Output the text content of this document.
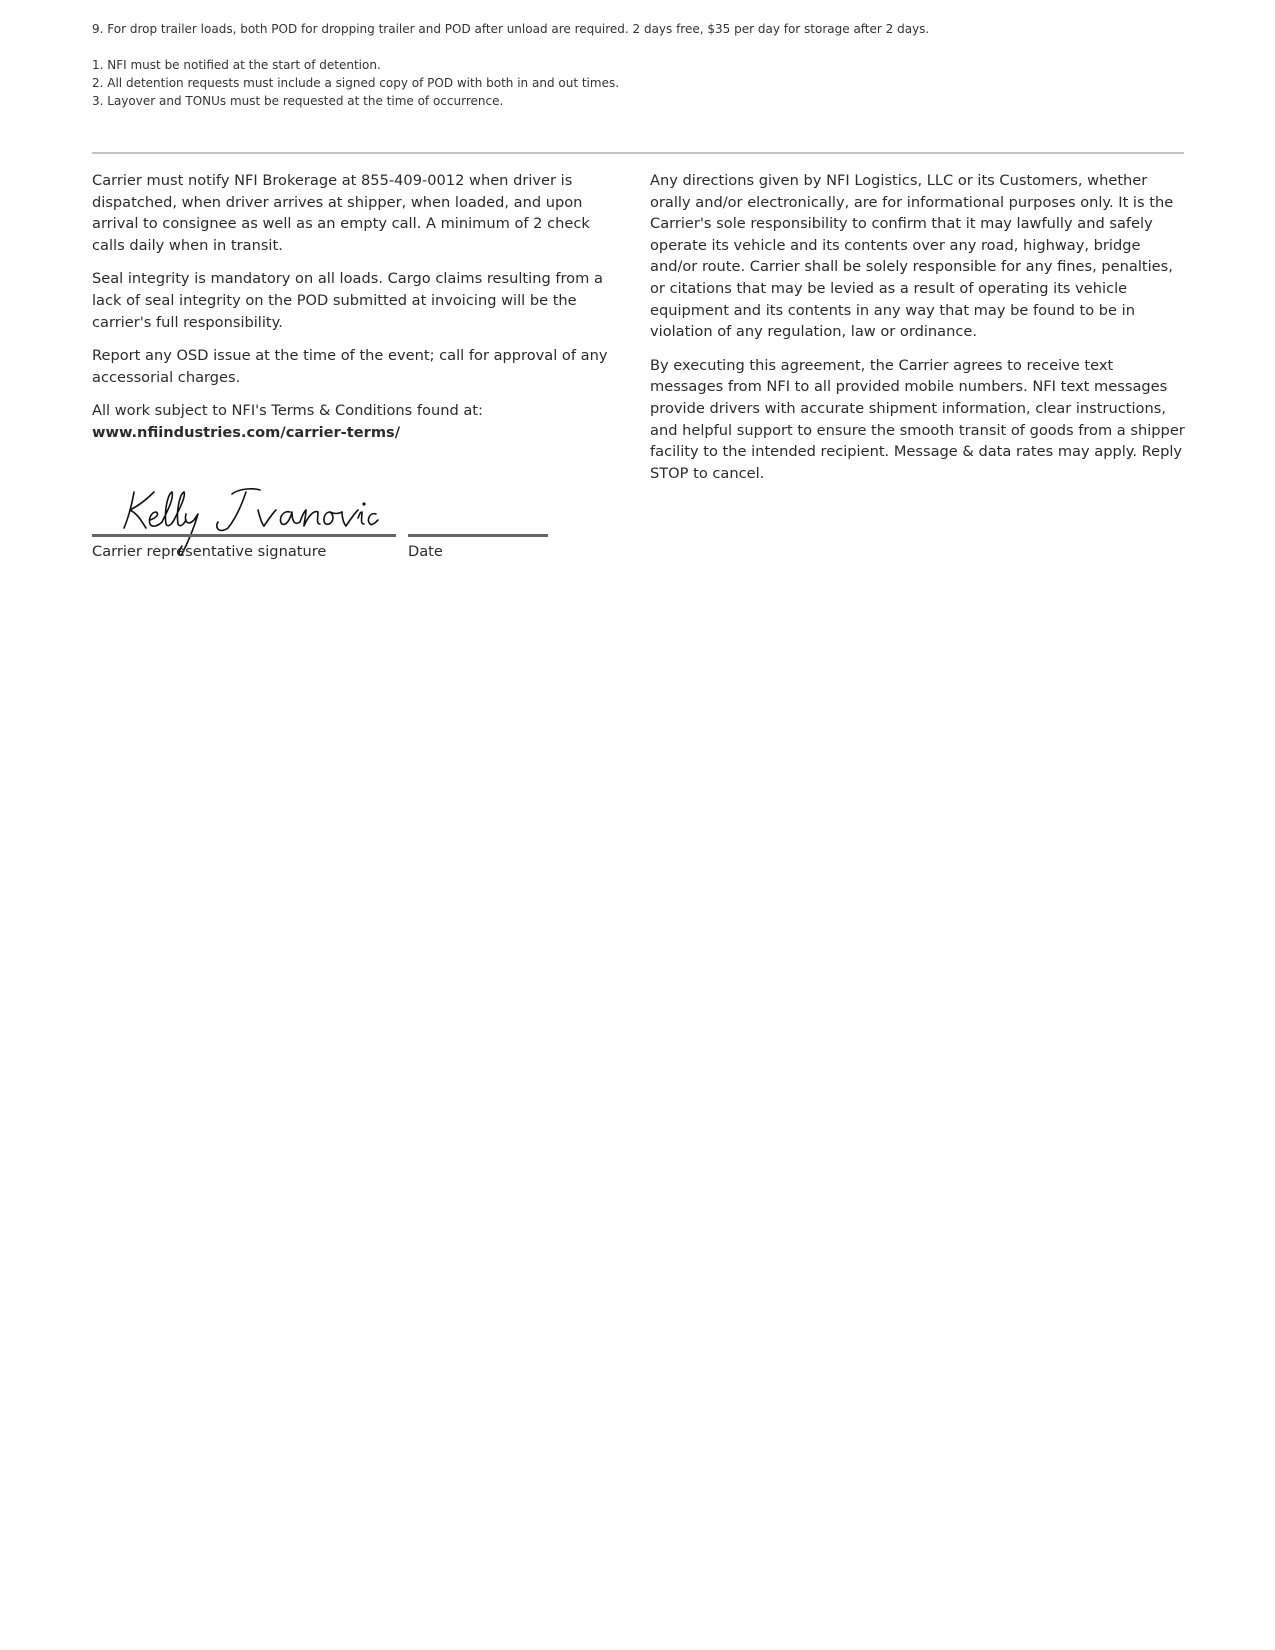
9. For drop trailer loads, both POD for dropping trailer and POD after unload are required. 2 days free, $35 per day for storage after 2 days.
1. NFI must be notified at the start of detention.
2. All detention requests must include a signed copy of POD with both in and out times.
3. Layover and TONUs must be requested at the time of occurrence.

Carrier must notify NFI Brokerage at 855-409-0012 when driver is dispatched, when driver arrives at shipper, when loaded, and upon arrival to consignee as well as an empty call. A minimum of 2 check calls daily when in transit.

Seal integrity is mandatory on all loads. Cargo claims resulting from a lack of seal integrity on the POD submitted at invoicing will be the carrier's full responsibility.

Report any OSD issue at the time of the event; call for approval of any accessorial charges.

All work subject to NFI's Terms & Conditions found at:
www.nfiindustries.com/carrier-terms/

Any directions given by NFI Logistics, LLC or its Customers, whether orally and/or electronically, are for informational purposes only. It is the Carrier's sole responsibility to confirm that it may lawfully and safely operate its vehicle and its contents over any road, highway, bridge and/or route. Carrier shall be solely responsible for any fines, penalties, or citations that may be levied as a result of operating its vehicle equipment and its contents in any way that may be found to be in violation of any regulation, law or ordinance.

By executing this agreement, the Carrier agrees to receive text messages from NFI to all provided mobile numbers. NFI text messages provide drivers with accurate shipment information, clear instructions, and helpful support to ensure the smooth transit of goods from a shipper facility to the intended recipient. Message & data rates may apply. Reply STOP to cancel.

Carrier representative signature	Date
